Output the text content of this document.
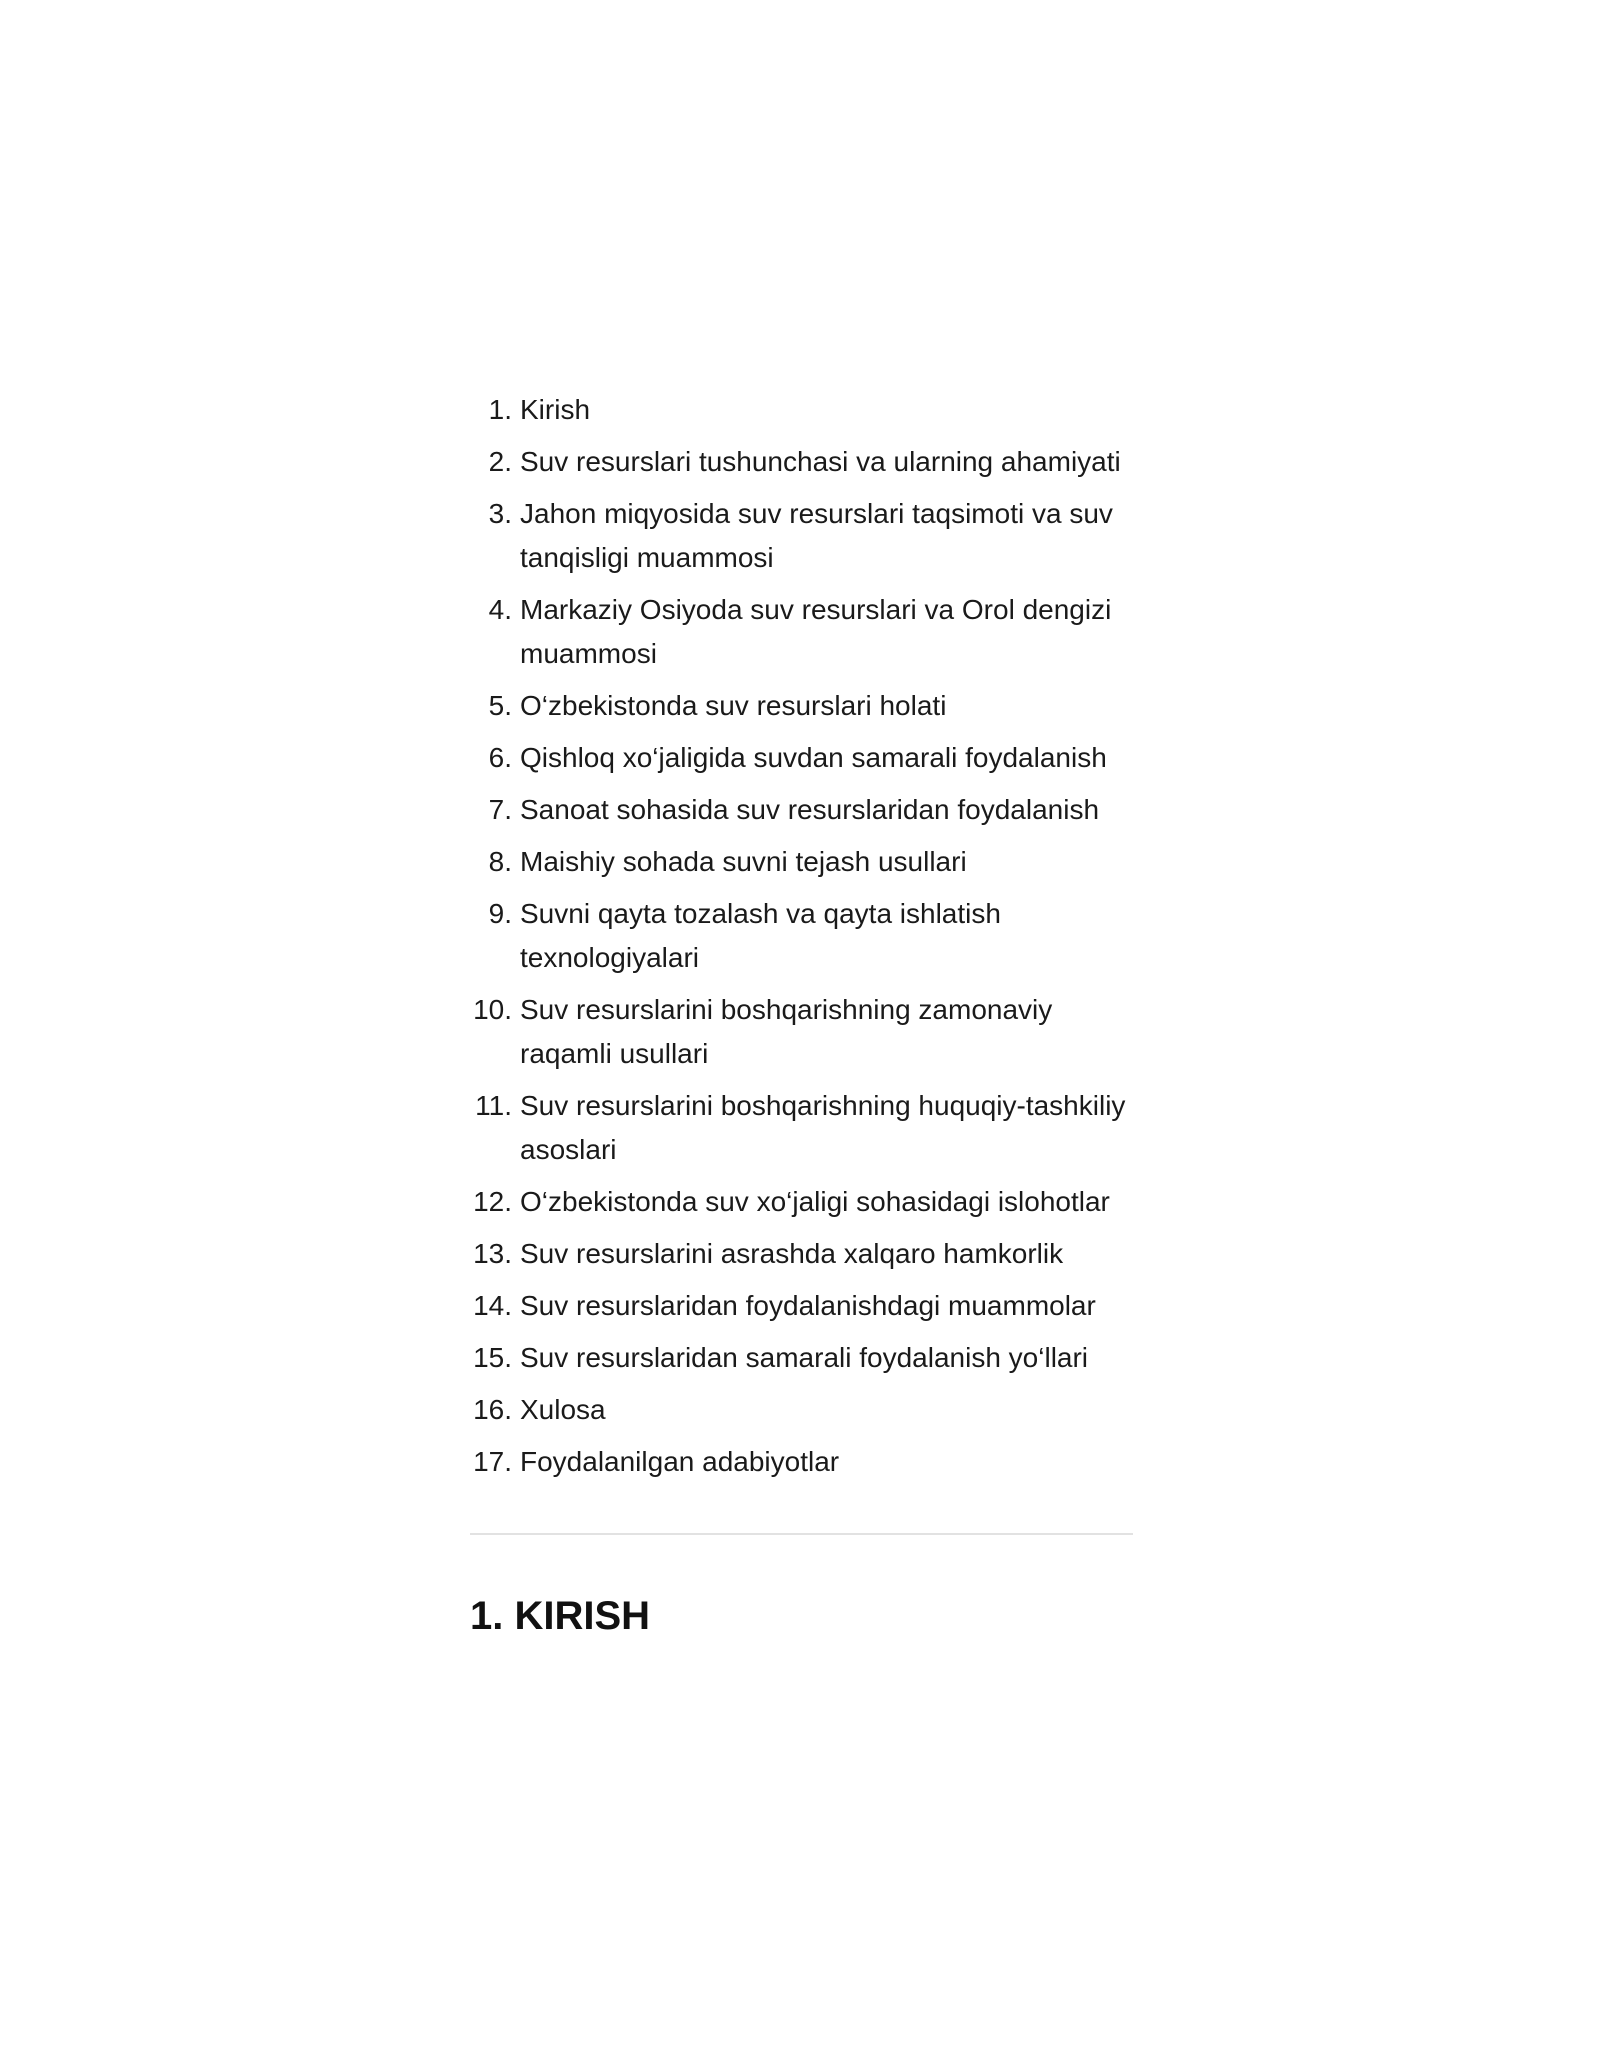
1. Kirish
2. Suv resurslari tushunchasi va ularning ahamiyati
3. Jahon miqyosida suv resurslari taqsimoti va suv tanqisligi muammosi
4. Markaziy Osiyoda suv resurslari va Orol dengizi muammosi
5. O‘zbekistonda suv resurslari holati
6. Qishloq xo‘jaligida suvdan samarali foydalanish
7. Sanoat sohasida suv resurslaridan foydalanish
8. Maishiy sohada suvni tejash usullari
9. Suvni qayta tozalash va qayta ishlatish texnologiyalari
10. Suv resurslarini boshqarishning zamonaviy raqamli usullari
11. Suv resurslarini boshqarishning huquqiy-tashkiliy asoslari
12. O‘zbekistonda suv xo‘jaligi sohasidagi islohotlar
13. Suv resurslarini asrashda xalqaro hamkorlik
14. Suv resurslaridan foydalanishdagi muammolar
15. Suv resurslaridan samarali foydalanish yo‘llari
16. Xulosa
17. Foydalanilgan adabiyotlar
1. KIRISH
